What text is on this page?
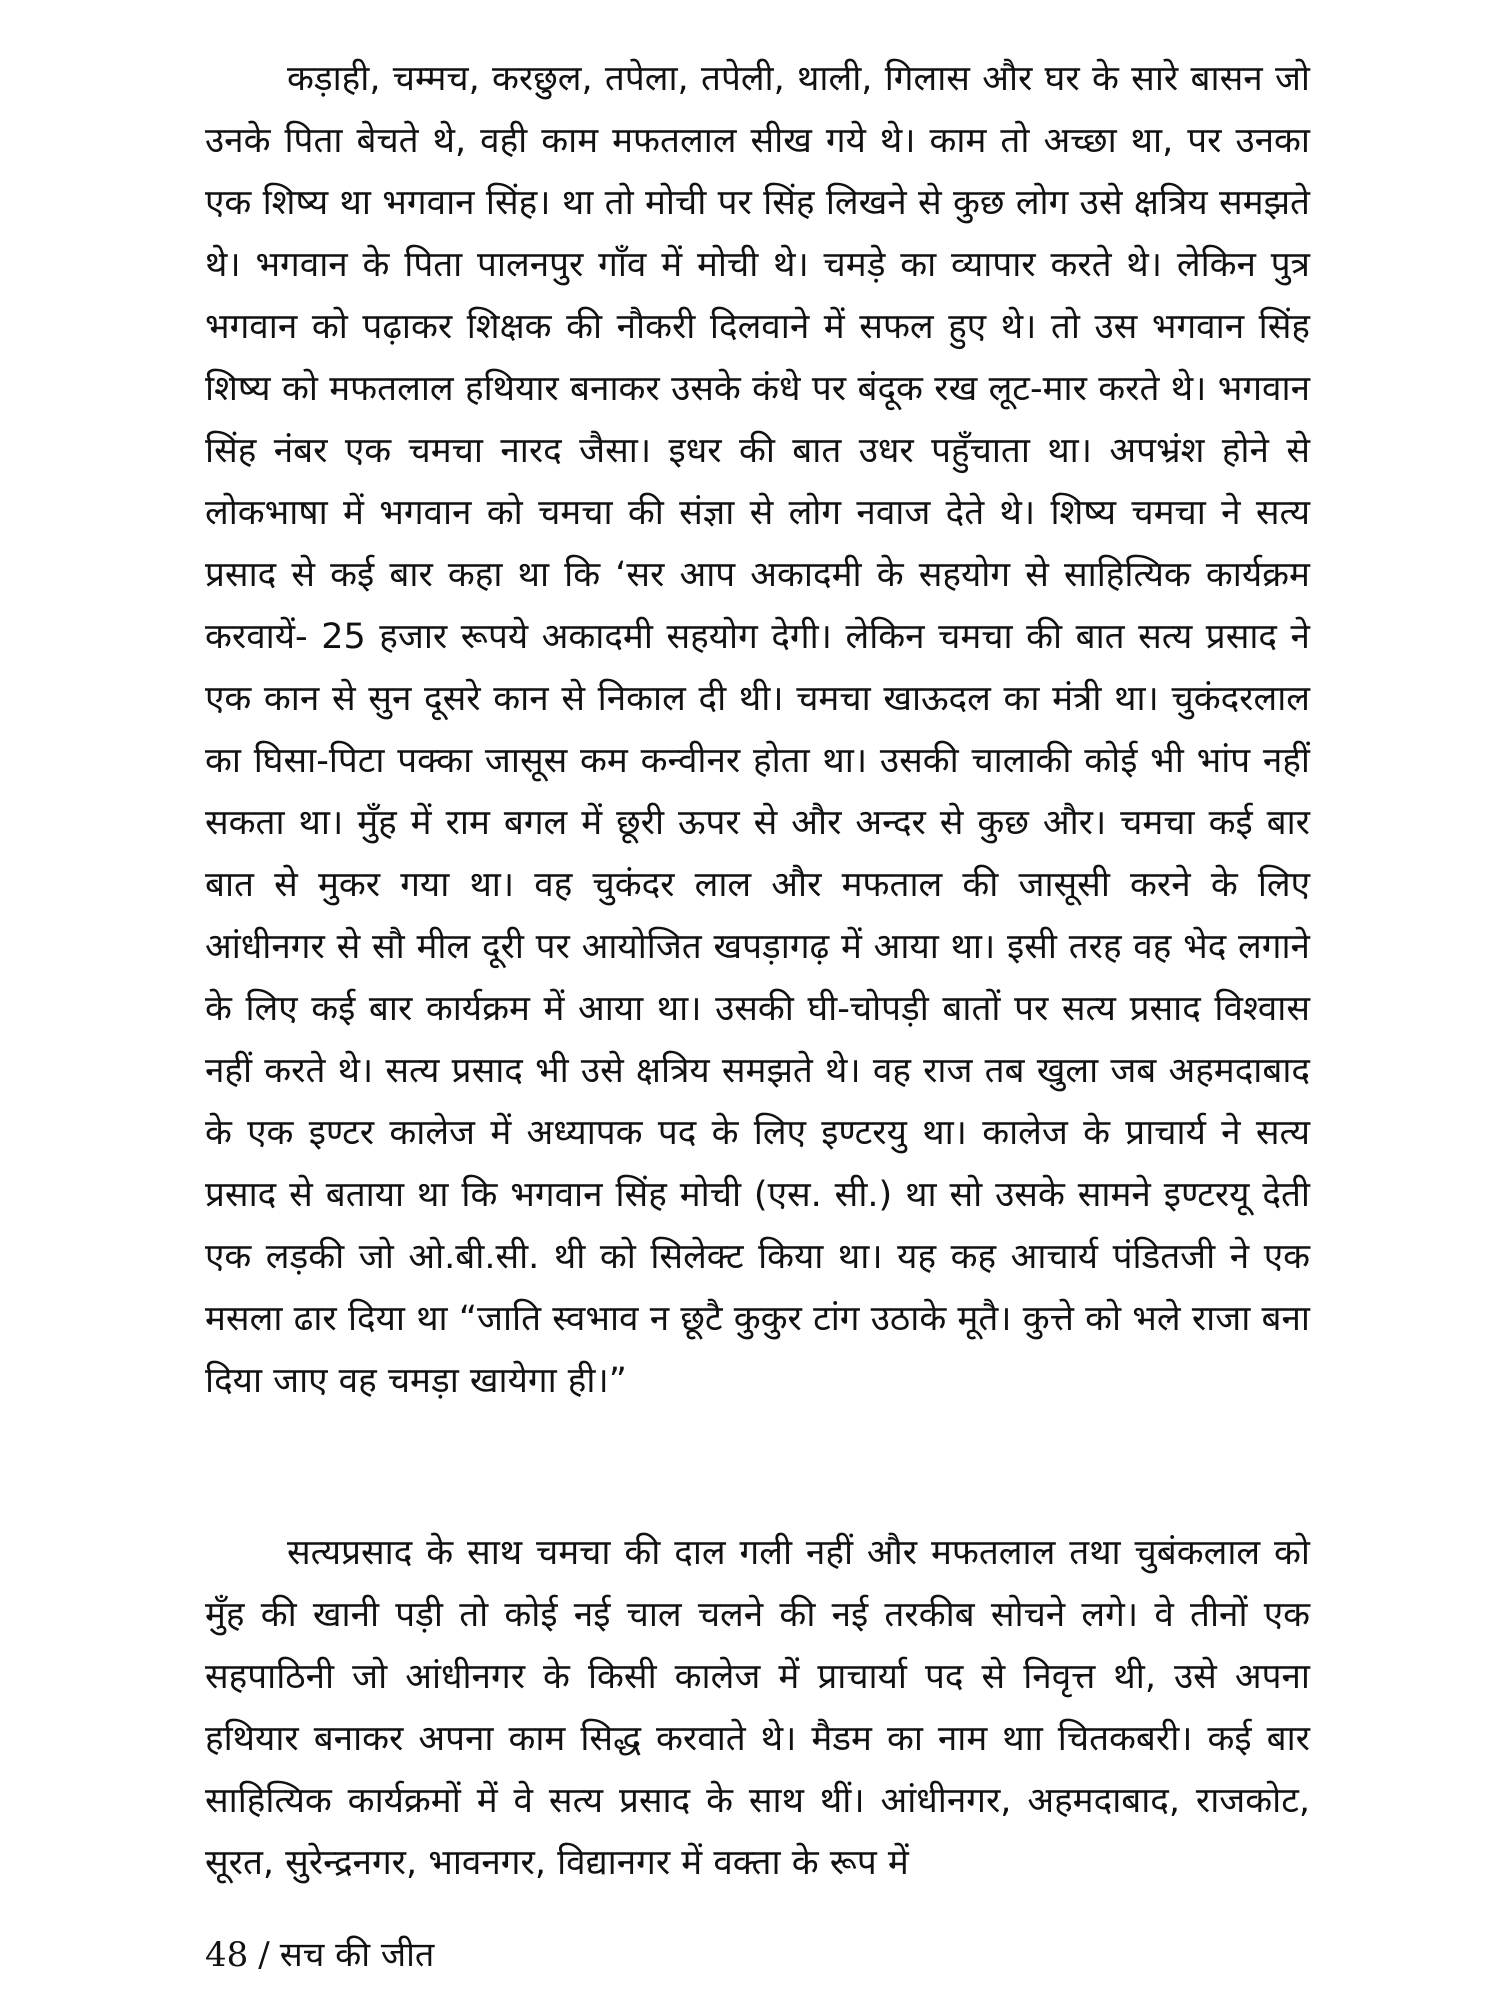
कड़ाही, चम्मच, करछुल, तपेला, तपेली, थाली, गिलास और घर के सारे बासन जो उनके पिता बेचते थे, वही काम मफतलाल सीख गये थे। काम तो अच्छा था, पर उनका एक शिष्य था भगवान सिंह। था तो मोची पर सिंह लिखने से कुछ लोग उसे क्षत्रिय समझते थे। भगवान के पिता पालनपुर गाँव में मोची थे। चमड़े का व्यापार करते थे। लेकिन पुत्र भगवान को पढ़ाकर शिक्षक की नौकरी दिलवाने में सफल हुए थे। तो उस भगवान सिंह शिष्य को मफतलाल हथियार बनाकर उसके कंधे पर बंदूक रख लूट-मार करते थे। भगवान सिंह नंबर एक चमचा नारद जैसा। इधर की बात उधर पहुँचाता था। अपभ्रंश होने से लोकभाषा में भगवान को चमचा की संज्ञा से लोग नवाज देते थे। शिष्य चमचा ने सत्य प्रसाद से कई बार कहा था कि ‘सर आप अकादमी के सहयोग से साहित्यिक कार्यक्रम करवायें- 25 हजार रूपये अकादमी सहयोग देगी। लेकिन चमचा की बात सत्य प्रसाद ने एक कान से सुन दूसरे कान से निकाल दी थी। चमचा खाऊदल का मंत्री था। चुकंदरलाल का घिसा-पिटा पक्का जासूस कम कन्वीनर होता था। उसकी चालाकी कोई भी भांप नहीं सकता था। मुँह में राम बगल में छूरी ऊपर से और अन्दर से कुछ और। चमचा कई बार बात से मुकर गया था। वह चुकंदर लाल और मफताल की जासूसी करने के लिए आंधीनगर से सौ मील दूरी पर आयोजित खपड़ागढ़ में आया था। इसी तरह वह भेद लगाने के लिए कई बार कार्यक्रम में आया था। उसकी घी-चोपड़ी बातों पर सत्य प्रसाद विश्वास नहीं करते थे। सत्य प्रसाद भी उसे क्षत्रिय समझते थे। वह राज तब खुला जब अहमदाबाद के एक इण्टर कालेज में अध्यापक पद के लिए इण्टरयु था। कालेज के प्राचार्य ने सत्य प्रसाद से बताया था कि भगवान सिंह मोची (एस. सी.) था सो उसके सामने इण्टरयू देती एक लड़की जो ओ.बी.सी. थी को सिलेक्ट किया था। यह कह आचार्य पंडितजी ने एक मसला ढार दिया था “जाति स्वभाव न छूटै कुकुर टांग उठाके मूतै। कुत्ते को भले राजा बना दिया जाए वह चमड़ा खायेगा ही।”

सत्यप्रसाद के साथ चमचा की दाल गली नहीं और मफतलाल तथा चुबंकलाल को मुँह की खानी पड़ी तो कोई नई चाल चलने की नई तरकीब सोचने लगे। वे तीनों एक सहपाठिनी जो आंधीनगर के किसी कालेज में प्राचार्या पद से निवृत्त थी, उसे अपना हथियार बनाकर अपना काम सिद्ध करवाते थे। मैडम का नाम थाा चितकबरी। कई बार साहित्यिक कार्यक्रमों में वे सत्य प्रसाद के साथ थीं। आंधीनगर, अहमदाबाद, राजकोट, सूरत, सुरेन्द्रनगर, भावनगर, विद्यानगर में वक्ता के रूप में

48 / सच की जीत
